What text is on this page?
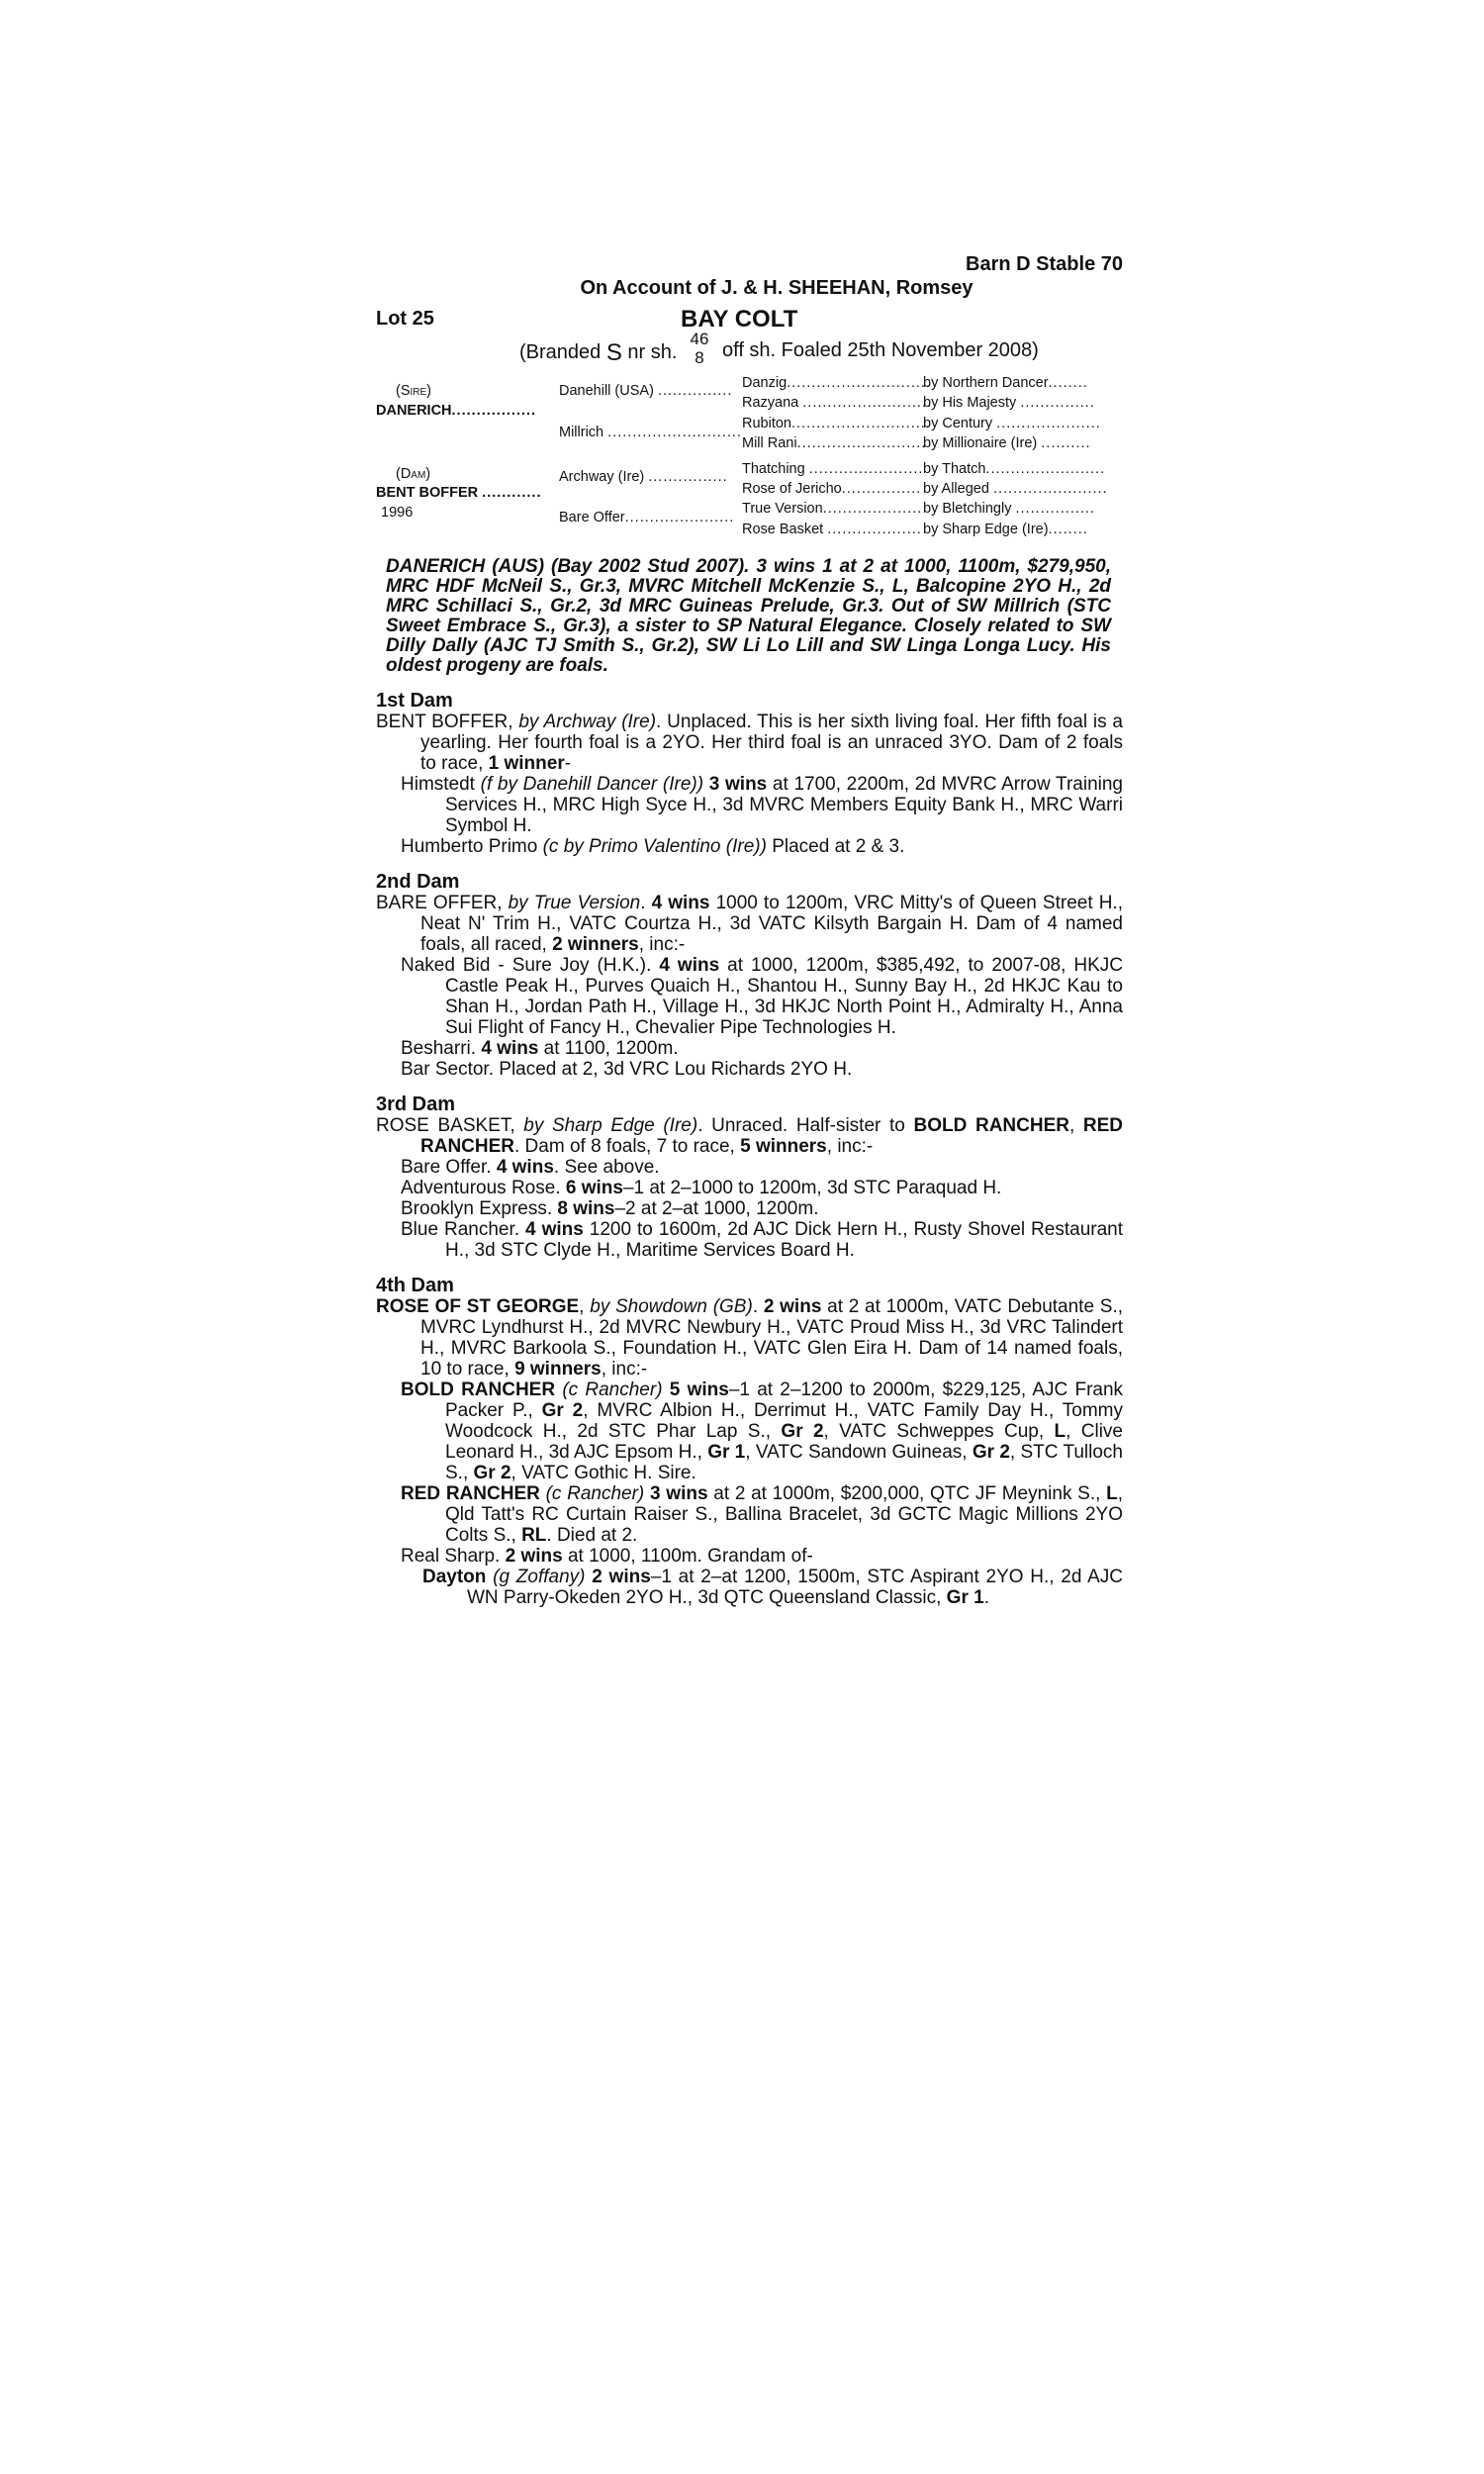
Barn D Stable 70
On Account of J. & H. SHEEHAN, Romsey
Lot 25	BAY COLT
(Branded S nr sh.
46
8 off sh. Foaled 25th November 2008)
(Sire)
DANERICH.................
Danehill (USA) ...............
Millrich ...........................
(Dam)
BENT BOFFER ............
1996
Archway (Ire) ................
Bare Offer......................
Danzig.............................
Razyana ..........................
Rubiton............................
Mill Rani..........................
Thatching .......................
Rose of Jericho................
True Version....................
Rose Basket ...................
by Northern Dancer........
by His Majesty ...............
by Century .....................
by Millionaire (Ire) ..........
by Thatch........................
by Alleged .......................
by Bletchingly ................
by Sharp Edge (Ire)........
DANERICH (AUS) (Bay 2002 Stud 2007). 3 wins 1 at 2 at 1000, 1100m, $279,950, MRC HDF McNeil S., Gr.3, MVRC Mitchell McKenzie S., L, Balcopine 2YO H., 2d MRC Schillaci S., Gr.2, 3d MRC Guineas Prelude, Gr.3. Out of SW Millrich (STC Sweet Embrace S., Gr.3), a sister to SP Natural Elegance. Closely related to SW Dilly Dally (AJC TJ Smith S., Gr.2), SW Li Lo Lill and SW Linga Longa Lucy. His oldest progeny are foals.
1st Dam
BENT BOFFER, by Archway (Ire). Unplaced. This is her sixth living foal. Her fifth foal is a yearling. Her fourth foal is a 2YO. Her third foal is an unraced 3YO. Dam of 2 foals to race, 1 winner-
Himstedt (f by Danehill Dancer (Ire)) 3 wins at 1700, 2200m, 2d MVRC Arrow Training Services H., MRC High Syce H., 3d MVRC Members Equity Bank H., MRC Warri Symbol H.
Humberto Primo (c by Primo Valentino (Ire)) Placed at 2 & 3.
2nd Dam
BARE OFFER, by True Version. 4 wins 1000 to 1200m, VRC Mitty's of Queen Street H., Neat N' Trim H., VATC Courtza H., 3d VATC Kilsyth Bargain H. Dam of 4 named foals, all raced, 2 winners, inc:-
Naked Bid - Sure Joy (H.K.). 4 wins at 1000, 1200m, $385,492, to 2007-08, HKJC Castle Peak H., Purves Quaich H., Shantou H., Sunny Bay H., 2d HKJC Kau to Shan H., Jordan Path H., Village H., 3d HKJC North Point H., Admiralty H., Anna Sui Flight of Fancy H., Chevalier Pipe Technologies H.
Besharri. 4 wins at 1100, 1200m.
Bar Sector. Placed at 2, 3d VRC Lou Richards 2YO H.
3rd Dam
ROSE BASKET, by Sharp Edge (Ire). Unraced. Half-sister to BOLD RANCHER, RED RANCHER. Dam of 8 foals, 7 to race, 5 winners, inc:-
Bare Offer. 4 wins. See above.
Adventurous Rose. 6 wins–1 at 2–1000 to 1200m, 3d STC Paraquad H.
Brooklyn Express. 8 wins–2 at 2–at 1000, 1200m.
Blue Rancher. 4 wins 1200 to 1600m, 2d AJC Dick Hern H., Rusty Shovel Restaurant H., 3d STC Clyde H., Maritime Services Board H.
4th Dam
ROSE OF ST GEORGE, by Showdown (GB). 2 wins at 2 at 1000m, VATC Debutante S., MVRC Lyndhurst H., 2d MVRC Newbury H., VATC Proud Miss H., 3d VRC Talindert H., MVRC Barkoola S., Foundation H., VATC Glen Eira H. Dam of 14 named foals, 10 to race, 9 winners, inc:-
BOLD RANCHER (c Rancher) 5 wins–1 at 2–1200 to 2000m, $229,125, AJC Frank Packer P., Gr 2, MVRC Albion H., Derrimut H., VATC Family Day H., Tommy Woodcock H., 2d STC Phar Lap S., Gr 2, VATC Schweppes Cup, L, Clive Leonard H., 3d AJC Epsom H., Gr 1, VATC Sandown Guineas, Gr 2, STC Tulloch S., Gr 2, VATC Gothic H. Sire.
RED RANCHER (c Rancher) 3 wins at 2 at 1000m, $200,000, QTC JF Meynink S., L, Qld Tatt's RC Curtain Raiser S., Ballina Bracelet, 3d GCTC Magic Millions 2YO Colts S., RL. Died at 2.
Real Sharp. 2 wins at 1000, 1100m. Grandam of-
Dayton (g Zoffany) 2 wins–1 at 2–at 1200, 1500m, STC Aspirant 2YO H., 2d AJC WN Parry-Okeden 2YO H., 3d QTC Queensland Classic, Gr 1.
